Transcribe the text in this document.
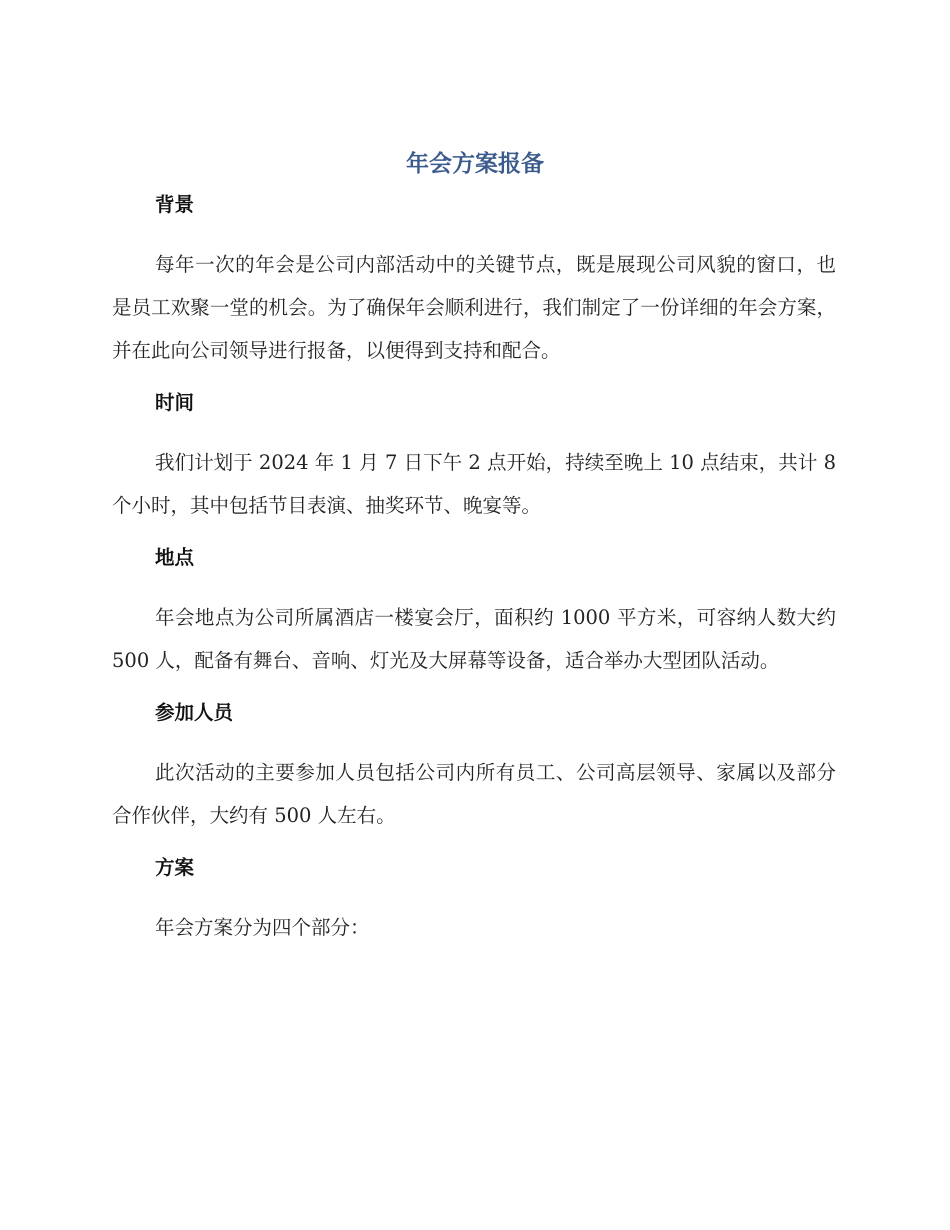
年会方案报备

背景

每年一次的年会是公司内部活动中的关键节点，既是展现公司风貌的窗口，也是员工欢聚一堂的机会。为了确保年会顺利进行，我们制定了一份详细的年会方案，并在此向公司领导进行报备，以便得到支持和配合。

时间

我们计划于 2024 年 1 月 7 日下午 2 点开始，持续至晚上 10 点结束，共计 8 个小时，其中包括节目表演、抽奖环节、晚宴等。

地点

年会地点为公司所属酒店一楼宴会厅，面积约 1000 平方米，可容纳人数大约 500 人，配备有舞台、音响、灯光及大屏幕等设备，适合举办大型团队活动。

参加人员

此次活动的主要参加人员包括公司内所有员工、公司高层领导、家属以及部分合作伙伴，大约有 500 人左右。

方案

年会方案分为四个部分：
